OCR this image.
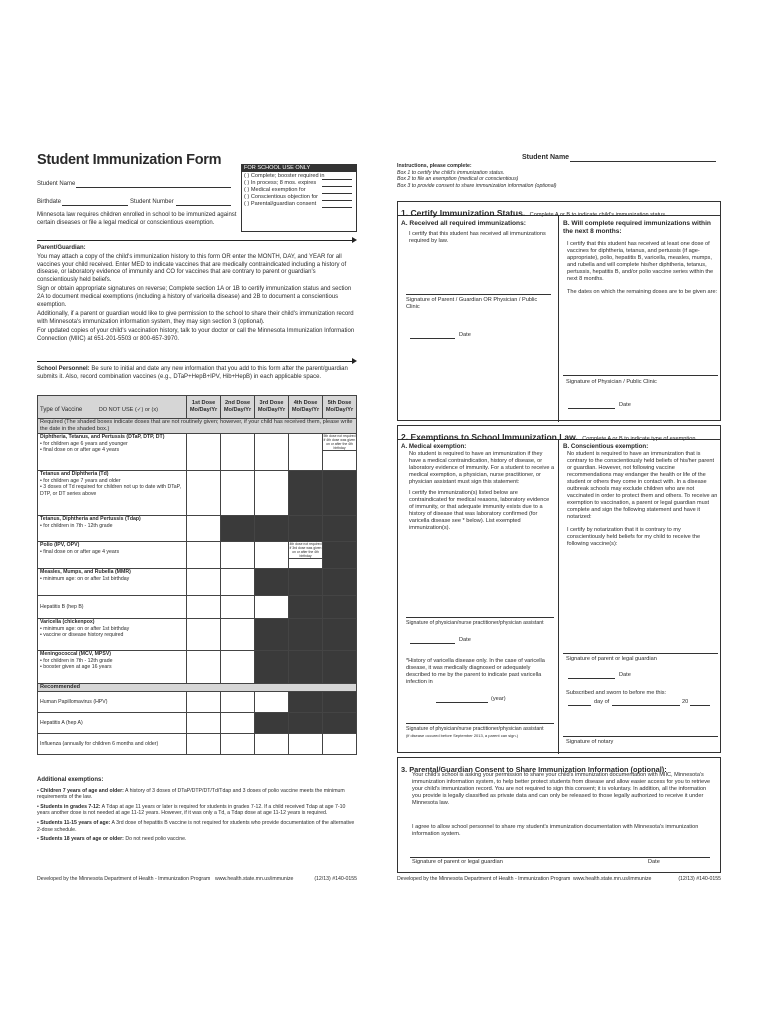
Student Immunization Form
Student Name
Birthdate	Student Number
Minnesota law requires children enrolled in school to be immunized against certain diseases or file a legal medical or conscientious exemption.
FOR SCHOOL USE ONLY
( ) Complete; booster required in
( ) In process; 8 mos. expires
( ) Medical exemption for
( ) Conscientious objection for
( ) Parental/guardian consent
Parent/Guardian:

You may attach a copy of the child's immunization history to this form OR enter the MONTH, DAY, and YEAR for all vaccines your child received. Enter MED to indicate vaccines that are medically contraindicated including a history of disease, or laboratory evidence of immunity and CO for vaccines that are contrary to parent or guardian's conscientiously held beliefs.

Sign or obtain appropriate signatures on reverse; Complete section 1A or 1B to certify immunization status and section 2A to document medical exemptions (including a history of varicella disease) and 2B to document a conscientious exemption.

Additionally, if a parent or guardian would like to give permission to the school to share their child's immunization record with Minnesota's immunization information system, they may sign section 3 (optional).

For updated copies of your child's vaccination history, talk to your doctor or call the Minnesota Immunization Information Connection (MIIC) at 651-201-5503 or 800-657-3970.

School Personnel: Be sure to initial and date any new information that you add to this form after the parent/guardian submits it. Also, record combination vaccines (e.g., DTaP+HepB+IPV, Hib+HepB) in each applicable space.
Type of Vaccine DO NOT USE (✓) or (x)	1st Dose Mo/Day/Yr	2nd Dose Mo/Day/Yr	3rd Dose Mo/Day/Yr	4th Dose Mo/Day/Yr	5th Dose Mo/Day/Yr
Required (The shaded boxes indicate doses that are not routinely given; however, if your child has received them, please write the date in the shaded box.)					
Diphtheria, Tetanus, and Pertussis (DTaP, DTP, DT)
• for children age 6 years and younger
• final dose on or after age 4 years					5th dose not required if 4th dose was given on or after the 4th birthday

Tetanus and Diphtheria (Td)
• for children age 7 years and older
• 3 doses of Td required for children not up to date with DTaP, DTP, or DT series above					
Tetanus, Diphtheria and Pertussis (Tdap)
• for children in 7th - 12th grade					
Polio (IPV, OPV)
• final dose on or after age 4 years				4th dose not required if 3rd dose was given on or after the 4th birthday	

Measles, Mumps, and Rubella (MMR)
• minimum age: on or after 1st birthday					
Hepatitis B (hep B)					
Varicella (chickenpox)
• minimum age: on or after 1st birthday
• vaccine or disease history required					
Meningococcal (MCV, MPSV)
• for children in 7th - 12th grade
• booster given at age 16 years					
Recommended					
Human Papillomavirus (HPV)					
Hepatitis A (hep A)					
Influenza (annually for children 6 months and older)					
Additional exemptions:
• Children 7 years of age and older: A history of 3 doses of DTaP/DTP/DT/Td/Tdap and 3 doses of polio vaccine meets the minimum requirements of the law.
• Students in grades 7-12: A Tdap at age 11 years or later is required for students in grades 7-12. If a child received Tdap at age 7-10 years another dose is not needed at age 11-12 years. However, if it was only a Td, a Tdap dose at age 11-12 years is required.
• Students 11-15 years of age: A 3rd dose of hepatitis B vaccine is not required for students who provide documentation of the alternative 2-dose schedule.
• Students 18 years of age or older: Do not need polio vaccine.
Developed by the Minnesota Department of Health - Immunization Program www.health.state.mn.us/immunize	(12/13) #140-0155
Student Name
Instructions, please complete:
Box 1 to certify the child's immunization status.
Box 2 to file an exemption (medical or conscientious)
Box 3 to provide consent to share immunization information (optional)
1. Certify Immunization Status. Complete A or B to indicate child's immunization status.
A. Received all required immunizations:
I certify that this student has received all immunizations required by law.
Signature of Parent / Guardian OR Physician / Public Clinic
Date
B. Will complete required immunizations within the next 8 months:
I certify that this student has received at least one dose of vaccines for diphtheria, tetanus, and pertussis (if age-appropriate), polio, hepatitis B, varicella, measles, mumps, and rubella and will complete his/her diphtheria, tetanus, pertussis, hepatitis B, and/or polio vaccine series within the next 8 months.
The dates on which the remaining doses are to be given are:
Signature of Physician / Public Clinic
Date
2. Exemptions to School Immunization Law. Complete A or B to indicate type of exemption.
A. Medical exemption:
No student is required to have an immunization if they have a medical contraindication, history of disease, or laboratory evidence of immunity. For a student to receive a medical exemption, a physician, nurse practitioner, or physician assistant must sign this statement:
I certify the immunization(s) listed below are contraindicated for medical reasons, laboratory evidence of immunity, or that adequate immunity exists due to a history of disease that was laboratory confirmed (for varicella disease see * below). List exempted immunization(s).
Signature of physician/nurse practitioner/physician assistant
Date
*History of varicella disease only. In the case of varicella disease, it was medically diagnosed or adequately described to me by the parent to indicate past varicella infection in
(year)
Signature of physician/nurse practitioner/physician assistant
(if disease occured before September 2013, a parent can sign.)
B. Conscientious exemption:
No student is required to have an immunization that is contrary to the conscientiously held beliefs of his/her parent or guardian. However, not following vaccine recommendations may endanger the health or life of the student or others they come in contact with. In a disease outbreak schools may exclude children who are not vaccinated in order to protect them and others. To receive an exemption to vaccination, a parent or legal guardian must complete and sign the following statement and have it notarized:
I certify by notarization that it is contrary to my conscientiously held beliefs for my child to receive the following vaccine(s):
Signature of parent or legal guardian
Date
Subscribed and sworn to before me this:
day of	20
Signature of notary
3. Parental/Guardian Consent to Share Immunization Information (optional):
Your child's school is asking your permission to share your child's immunization documentation with MIIC, Minnesota's immunization information system, to help better protect students from disease and allow easier access for you to retrieve your child's immunization record. You are not required to sign this consent; it is voluntary. In addition, all the information you provide is legally classified as private data and can only be released to those legally authorized to receive it under Minnesota law.
I agree to allow school personnel to share my student's immunization documentation with Minnesota's immunization information system.
Signature of parent or legal guardian	Date
Developed by the Minnesota Department of Health - Immunization Program www.health.state.mn.us/immunize	(12/13) #140-0155
